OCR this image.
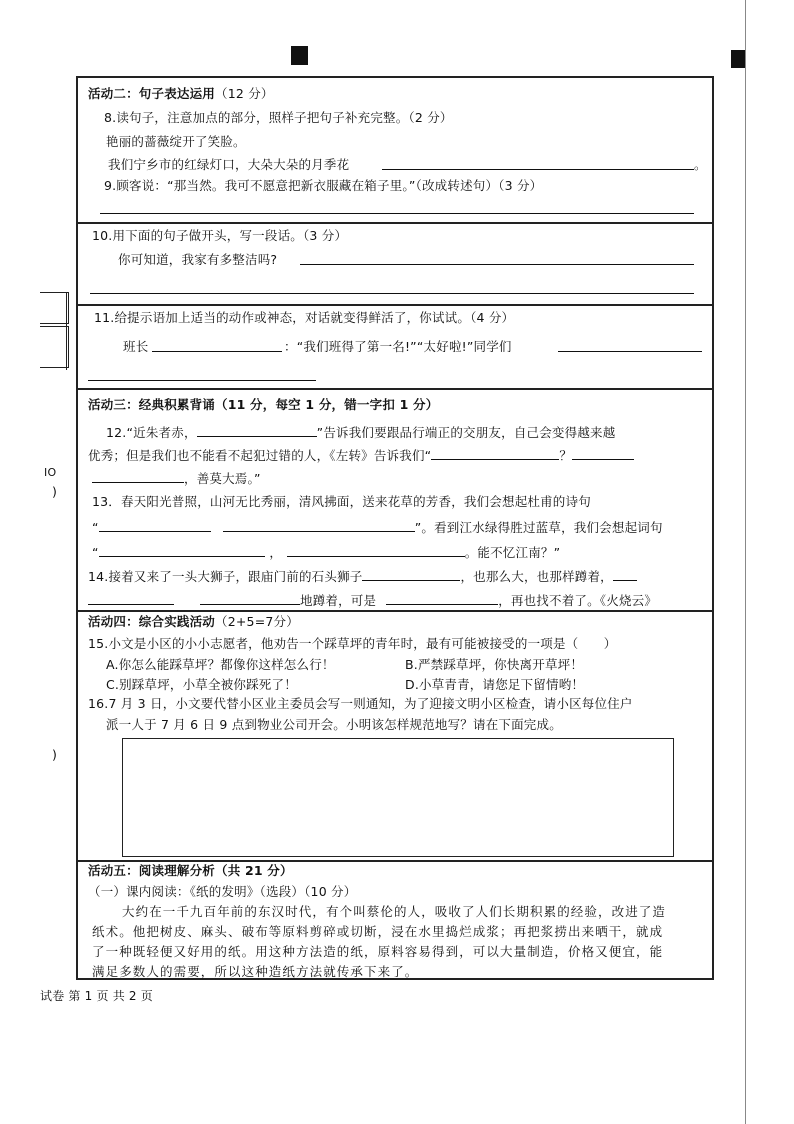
IO
)
)
活动二：句子表达运用（12 分）
8.读句子，注意加点的部分，照样子把句子补充完整。（2 分）
艳丽的蔷薇绽开了笑脸。
我们宁乡市的红绿灯口，大朵大朵的月季花	。
9.顾客说：“那当然。我可不愿意把新衣服藏在箱子里。”（改成转述句）（3 分）
10.用下面的句子做开头，写一段话。（3 分）
你可知道，我家有多整洁吗?
11.给提示语加上适当的动作或神态，对话就变得鲜活了，你试试。（4 分）
班长	：“我们班得了第一名!”“太好啦!”同学们
活动三：经典积累背诵（11 分，每空 1 分，错一字扣 1 分）
12.“近朱者赤，	”告诉我们要跟品行端正的交朋友，自己会变得越来越
优秀；但是我们也不能看不起犯过错的人，《左转》告诉我们“	？
，善莫大焉。”
13．春天阳光普照，山河无比秀丽，清风拂面，送来花草的芳香，我们会想起杜甫的诗句
“	”。看到江水绿得胜过蓝草，我们会想起词句
“	，	。能不忆江南？”
14.接着又来了一头大狮子，跟庙门前的石头狮子	，也那么大，也那样蹲着，
地蹲着，可是	，再也找不着了。《火烧云》
活动四：综合实践活动（2+5=7分）
15.小文是小区的小小志愿者，他劝告一个踩草坪的青年时，最有可能被接受的一项是（　　）
A.你怎么能踩草坪？都像你这样怎么行！	B.严禁踩草坪，你快离开草坪！
C.别踩草坪，小草全被你踩死了！	D.小草青青，请您足下留情哟！
16.7 月 3 日，小文要代替小区业主委员会写一则通知，为了迎接文明小区检查，请小区每位住户
派一人于 7 月 6 日 9 点到物业公司开会。小明该怎样规范地写？请在下面完成。
活动五：阅读理解分析（共 21 分）
（一）课内阅读：《纸的发明》（选段）（10 分）
大约在一千九百年前的东汉时代，有个叫蔡伦的人，吸收了人们长期积累的经验，改进了造
纸术。他把树皮、麻头、破布等原料剪碎或切断，浸在水里捣烂成浆；再把浆捞出来晒干，就成
了一种既轻便又好用的纸。用这种方法造的纸，原料容易得到，可以大量制造，价格又便宜，能
满足多数人的需要，所以这种造纸方法就传承下来了。
试卷 第 1 页 共 2 页
